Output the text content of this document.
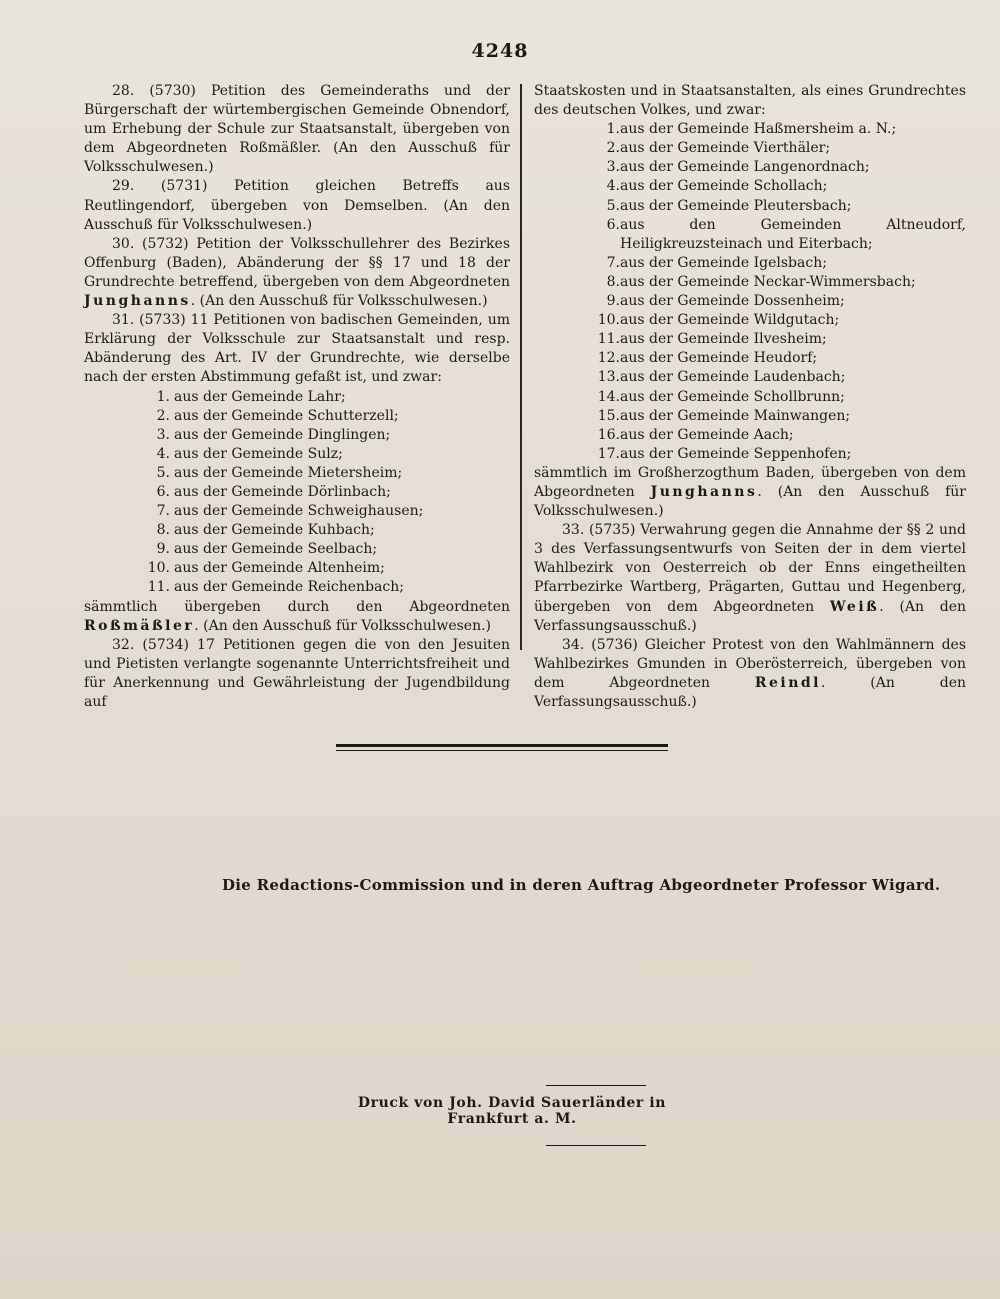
4248

28. (5730) Petition des Gemeinderaths und der Bürgerschaft der würtembergischen Gemeinde Obnendorf, um Erhebung der Schule zur Staatsanstalt, übergeben von dem Abgeordneten Roßmäßler. (An den Ausschuß für Volksschulwesen.)

29. (5731) Petition gleichen Betreffs aus Reutlingendorf, übergeben von Demselben. (An den Ausschuß für Volksschulwesen.)

30. (5732) Petition der Volksschullehrer des Bezirkes Offenburg (Baden), Abänderung der §§ 17 und 18 der Grundrechte betreffend, übergeben von dem Abgeordneten Junghanns. (An den Ausschuß für Volksschulwesen.)

31. (5733) 11 Petitionen von badischen Gemeinden, um Erklärung der Volksschule zur Staatsanstalt und resp. Abänderung des Art. IV der Grundrechte, wie derselbe nach der ersten Abstimmung gefaßt ist, und zwar:

1. aus der Gemeinde Lahr;
2. aus der Gemeinde Schutterzell;
3. aus der Gemeinde Dinglingen;
4. aus der Gemeinde Sulz;
5. aus der Gemeinde Mietersheim;
6. aus der Gemeinde Dörlinbach;
7. aus der Gemeinde Schweighausen;
8. aus der Gemeinde Kuhbach;
9. aus der Gemeinde Seelbach;
10. aus der Gemeinde Altenheim;
11. aus der Gemeinde Reichenbach;

sämmtlich übergeben durch den Abgeordneten Roßmäßler. (An den Ausschuß für Volksschulwesen.)

32. (5734) 17 Petitionen gegen die von den Jesuiten und Pietisten verlangte sogenannte Unterrichtsfreiheit und für Anerkennung und Gewährleistung der Jugendbildung auf

Staatskosten und in Staatsanstalten, als eines Grundrechtes des deutschen Volkes, und zwar:

1. aus der Gemeinde Haßmersheim a. N.;
2. aus der Gemeinde Vierthäler;
3. aus der Gemeinde Langenordnach;
4. aus der Gemeinde Schollach;
5. aus der Gemeinde Pleutersbach;
6. aus den Gemeinden Altneudorf, Heiligkreuzsteinach und Eiterbach;
7. aus der Gemeinde Igelsbach;
8. aus der Gemeinde Neckar-Wimmersbach;
9. aus der Gemeinde Dossenheim;
10. aus der Gemeinde Wildgutach;
11. aus der Gemeinde Ilvesheim;
12. aus der Gemeinde Heudorf;
13. aus der Gemeinde Laudenbach;
14. aus der Gemeinde Schollbrunn;
15. aus der Gemeinde Mainwangen;
16. aus der Gemeinde Aach;
17. aus der Gemeinde Seppenhofen;

sämmtlich im Großherzogthum Baden, übergeben von dem Abgeordneten Junghanns. (An den Ausschuß für Volksschulwesen.)

33. (5735) Verwahrung gegen die Annahme der §§ 2 und 3 des Verfassungsentwurfs von Seiten der in dem viertel Wahlbezirk von Oesterreich ob der Enns eingetheilten Pfarrbezirke Wartberg, Prägarten, Guttau und Hegenberg, übergeben von dem Abgeordneten Weiß. (An den Verfassungsausschuß.)

34. (5736) Gleicher Protest von den Wahlmännern des Wahlbezirkes Gmunden in Oberösterreich, übergeben von dem Abgeordneten Reindl. (An den Verfassungsausschuß.)

Die Redactions-Commission und in deren Auftrag Abgeordneter Professor Wigard.
Druck von Joh. David Sauerländer in Frankfurt a. M.
